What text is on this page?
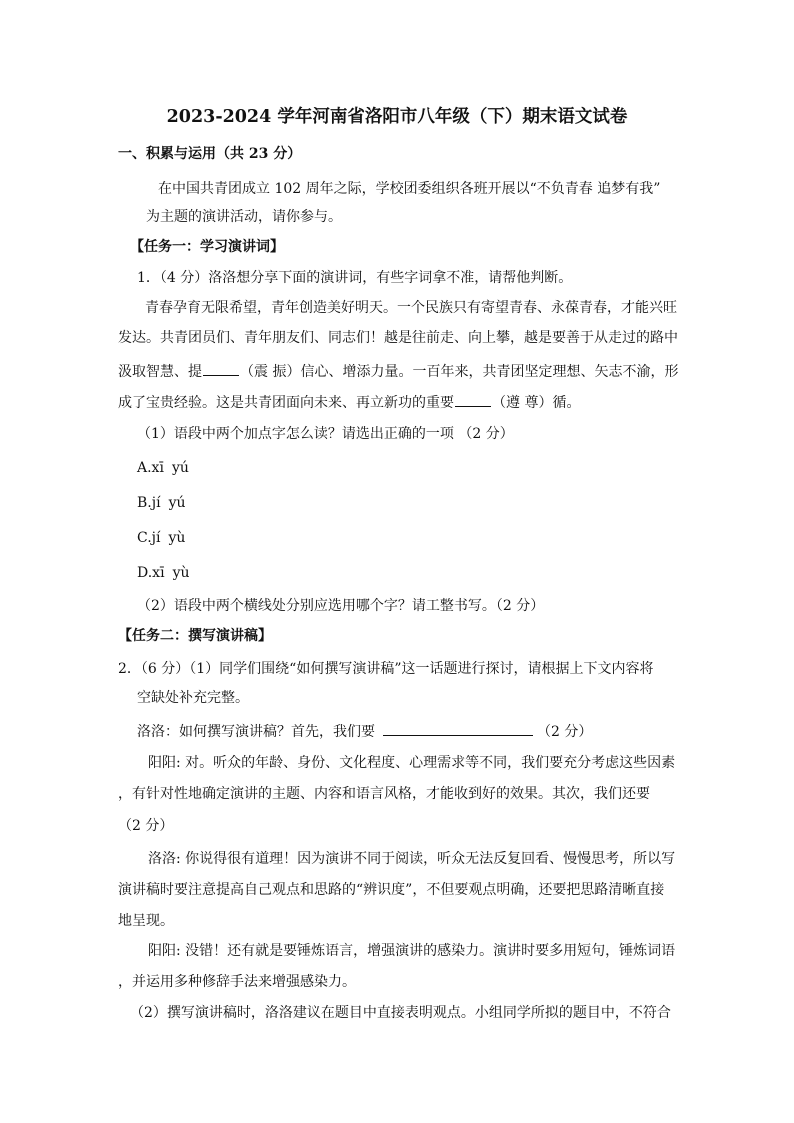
2023-2024 学年河南省洛阳市八年级（下）期末语文试卷
一、积累与运用（共 23 分）
在中国共青团成立 102 周年之际，学校团委组织各班开展以“不负青春 追梦有我”
为主题的演讲活动，请你参与。
【任务一：学习演讲词】
1．（4 分）洛洛想分享下面的演讲词，有些字词拿不准，请帮他判断。
青春孕育无限希望，青年创造美好明天。一个民族只有寄望青春、永葆青春，才能兴旺
发达。共青团员们、青年朋友们、同志们！越是往前走、向上攀，越是要善于从走过的路中
汲取智慧、提	（震 振）信心、增添力量。一百年来，共青团坚定理想、矢志不渝，形
成了宝贵经验。这是共青团面向未来、再立新功的重要	（遵 尊）循。
（1）语段中两个加点字怎么读？请选出正确的一项 （2 分）
A.xī yú
B.jí yú
C.jí yù
D.xī yù
（2）语段中两个横线处分别应选用哪个字？请工整书写。（2 分）
【任务二：撰写演讲稿】
2．（6 分）（1）同学们围绕“如何撰写演讲稿”这一话题进行探讨，请根据上下文内容将
空缺处补充完整。
洛洛：如何撰写演讲稿？首先，我们要	（2 分）
阳阳: 对。听众的年龄、身份、文化程度、心理需求等不同，我们要充分考虑这些因素
，有针对性地确定演讲的主题、内容和语言风格，才能收到好的效果。其次，我们还要
（2 分）
洛洛: 你说得很有道理！因为演讲不同于阅读，听众无法反复回看、慢慢思考，所以写
演讲稿时要注意提高自己观点和思路的“辨识度”，不但要观点明确，还要把思路清晰直接
地呈现。
阳阳: 没错！还有就是要锤炼语言，增强演讲的感染力。演讲时要多用短句，锤炼词语
，并运用多种修辞手法来增强感染力。
（2）撰写演讲稿时，洛洛建议在题目中直接表明观点。小组同学所拟的题目中，不符合
